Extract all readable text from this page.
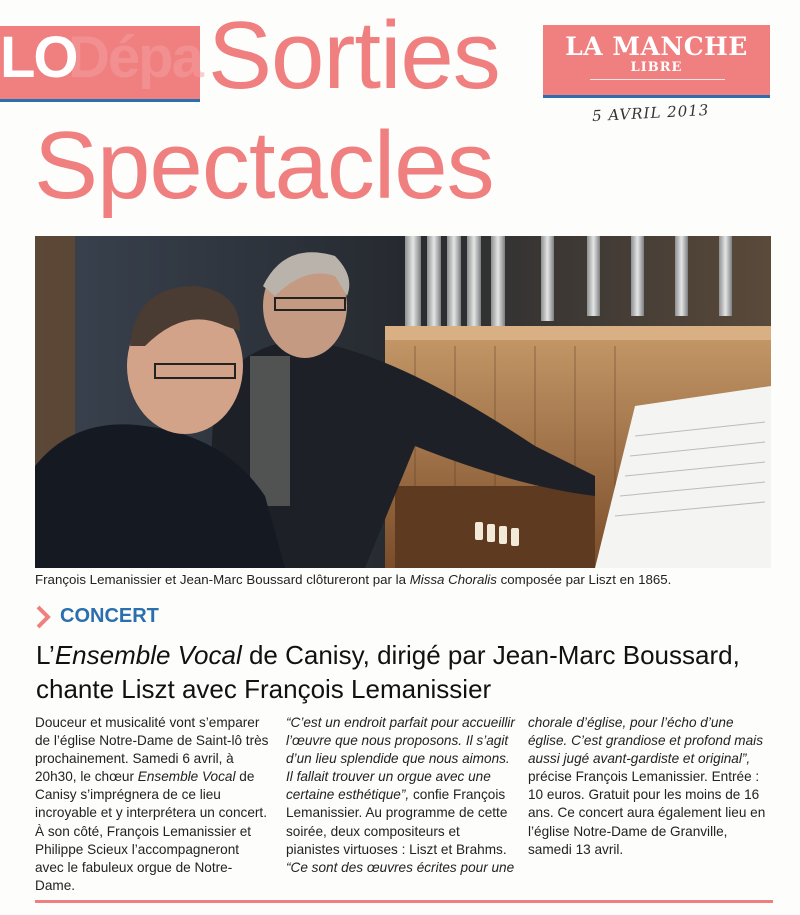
Dépa
LO Sorties
Spectacles
LA MANCHE
LIBRE
5 AVRIL 2013
François Lemanissier et Jean-Marc Boussard clôtureront par la Missa Choralis composée par Liszt en 1865.
CONCERT
L’Ensemble Vocal de Canisy, dirigé par Jean-Marc Boussard, chante Liszt avec François Lemanissier
Douceur et musicalité vont s’emparer de l’église Notre-Dame de Saint-lô très prochainement. Samedi 6 avril, à 20h30, le chœur Ensemble Vocal de Canisy s’imprégnera de ce lieu incroyable et y interprétera un concert. À son côté, François Lemanissier et Philippe Scieux l’accompagneront avec le fabuleux orgue de Notre-Dame.
“C’est un endroit parfait pour accueillir l’œuvre que nous proposons. Il s’agit d’un lieu splendide que nous aimons. Il fallait trouver un orgue avec une certaine esthétique”, confie François Lemanissier. Au programme de cette soirée, deux compositeurs et pianistes virtuoses : Liszt et Brahms. “Ce sont des œuvres écrites pour une
chorale d’église, pour l’écho d’une église. C’est grandiose et profond mais aussi jugé avant-gardiste et original”, précise François Lemanissier. Entrée : 10 euros. Gratuit pour les moins de 16 ans. Ce concert aura également lieu en l’église Notre-Dame de Granville, samedi 13 avril.
